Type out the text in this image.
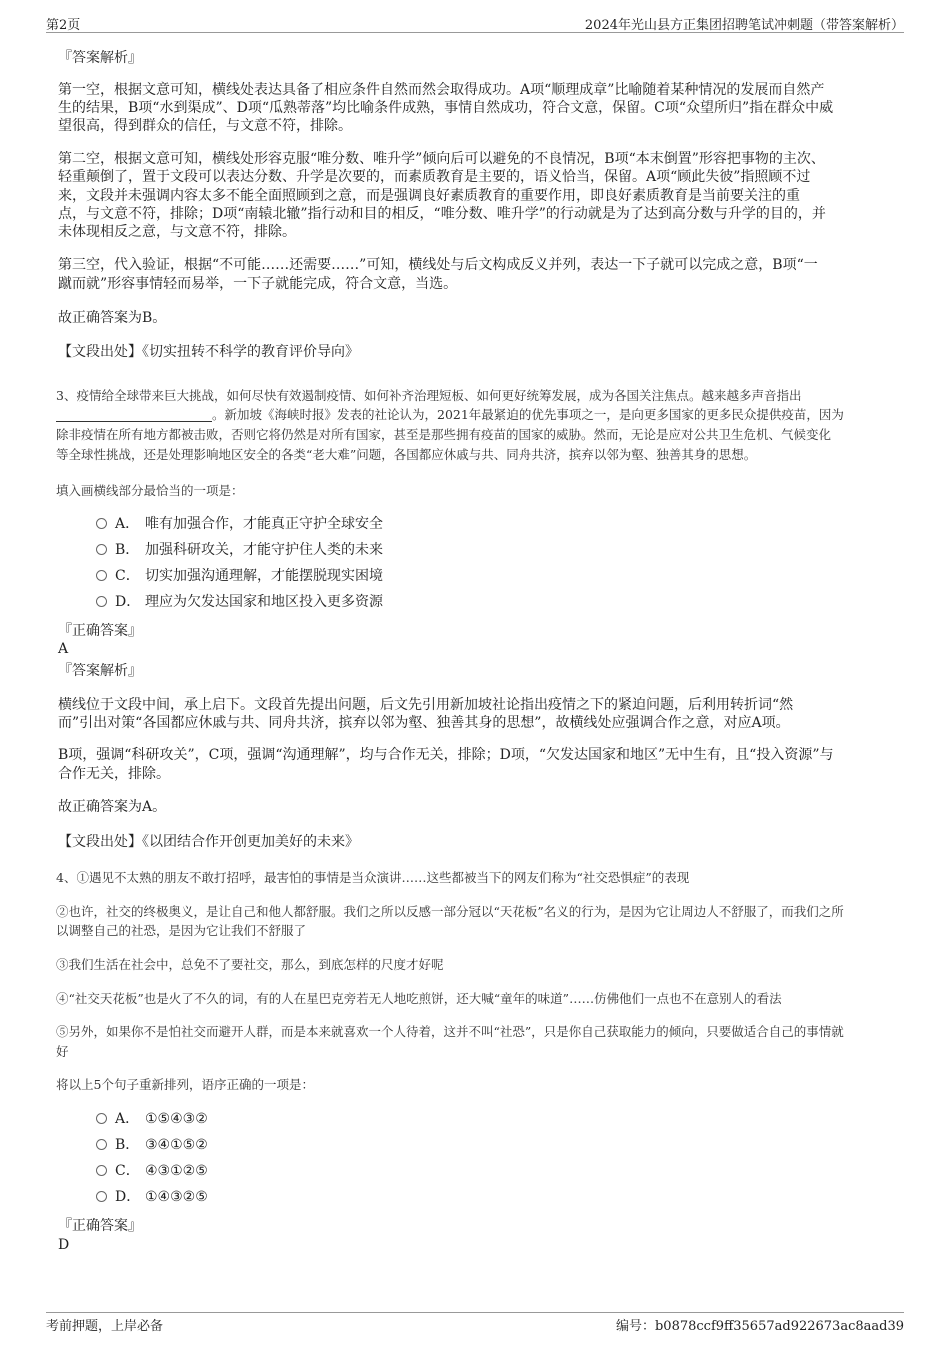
第2页	2024年光山县方正集团招聘笔试冲刺题（带答案解析）
『答案解析』
第一空，根据文意可知，横线处表达具备了相应条件自然而然会取得成功。A项“顺理成章”比喻随着某种情况的发展而自然产
生的结果，B项“水到渠成”、D项“瓜熟蒂落”均比喻条件成熟，事情自然成功，符合文意，保留。C项“众望所归”指在群众中威
望很高，得到群众的信任，与文意不符，排除。
第二空，根据文意可知，横线处形容克服“唯分数、唯升学”倾向后可以避免的不良情况，B项“本末倒置”形容把事物的主次、
轻重颠倒了，置于文段可以表达分数、升学是次要的，而素质教育是主要的，语义恰当，保留。A项“顾此失彼”指照顾不过
来，文段并未强调内容太多不能全面照顾到之意，而是强调良好素质教育的重要作用，即良好素质教育是当前要关注的重
点，与文意不符，排除；D项“南辕北辙”指行动和目的相反，“唯分数、唯升学”的行动就是为了达到高分数与升学的目的，并
未体现相反之意，与文意不符，排除。
第三空，代入验证，根据“不可能……还需要……”可知，横线处与后文构成反义并列，表达一下子就可以完成之意，B项“一
蹴而就”形容事情轻而易举，一下子就能完成，符合文意，当选。
故正确答案为B。
【文段出处】《切实扭转不科学的教育评价导向》
3、疫情给全球带来巨大挑战，如何尽快有效遏制疫情、如何补齐治理短板、如何更好统筹发展，成为各国关注焦点。越来越多声音指出
。新加坡《海峡时报》发表的社论认为，2021年最紧迫的优先事项之一，是向更多国家的更多民众提供疫苗，因为
除非疫情在所有地方都被击败，否则它将仍然是对所有国家，甚至是那些拥有疫苗的国家的威胁。然而，无论是应对公共卫生危机、气候变化
等全球性挑战，还是处理影响地区安全的各类“老大难”问题，各国都应休戚与共、同舟共济，摈弃以邻为壑、独善其身的思想。
填入画横线部分最恰当的一项是：
A． 唯有加强合作，才能真正守护全球安全
B． 加强科研攻关，才能守护住人类的未来
C． 切实加强沟通理解，才能摆脱现实困境
D． 理应为欠发达国家和地区投入更多资源
『正确答案』
A
『答案解析』
横线位于文段中间，承上启下。文段首先提出问题，后文先引用新加坡社论指出疫情之下的紧迫问题，后利用转折词“然
而”引出对策“各国都应休戚与共、同舟共济，摈弃以邻为壑、独善其身的思想”，故横线处应强调合作之意，对应A项。
B项，强调“科研攻关”，C项，强调“沟通理解”，均与合作无关，排除；D项，“欠发达国家和地区”无中生有，且“投入资源”与
合作无关，排除。
故正确答案为A。
【文段出处】《以团结合作开创更加美好的未来》
4、①遇见不太熟的朋友不敢打招呼，最害怕的事情是当众演讲……这些都被当下的网友们称为“社交恐惧症”的表现
②也许，社交的终极奥义，是让自己和他人都舒服。我们之所以反感一部分冠以“天花板”名义的行为，是因为它让周边人不舒服了，而我们之所
以调整自己的社恐，是因为它让我们不舒服了
③我们生活在社会中，总免不了要社交，那么，到底怎样的尺度才好呢
④“社交天花板”也是火了不久的词，有的人在星巴克旁若无人地吃煎饼，还大喊“童年的味道”……仿佛他们一点也不在意别人的看法
⑤另外，如果你不是怕社交而避开人群，而是本来就喜欢一个人待着，这并不叫“社恐”，只是你自己获取能力的倾向，只要做适合自己的事情就
好
将以上5个句子重新排列，语序正确的一项是：
A． ①⑤④③②
B． ③④①⑤②
C． ④③①②⑤
D． ①④③②⑤
『正确答案』
D
考前押题，上岸必备	编号：b0878ccf9ff35657ad922673ac8aad39
